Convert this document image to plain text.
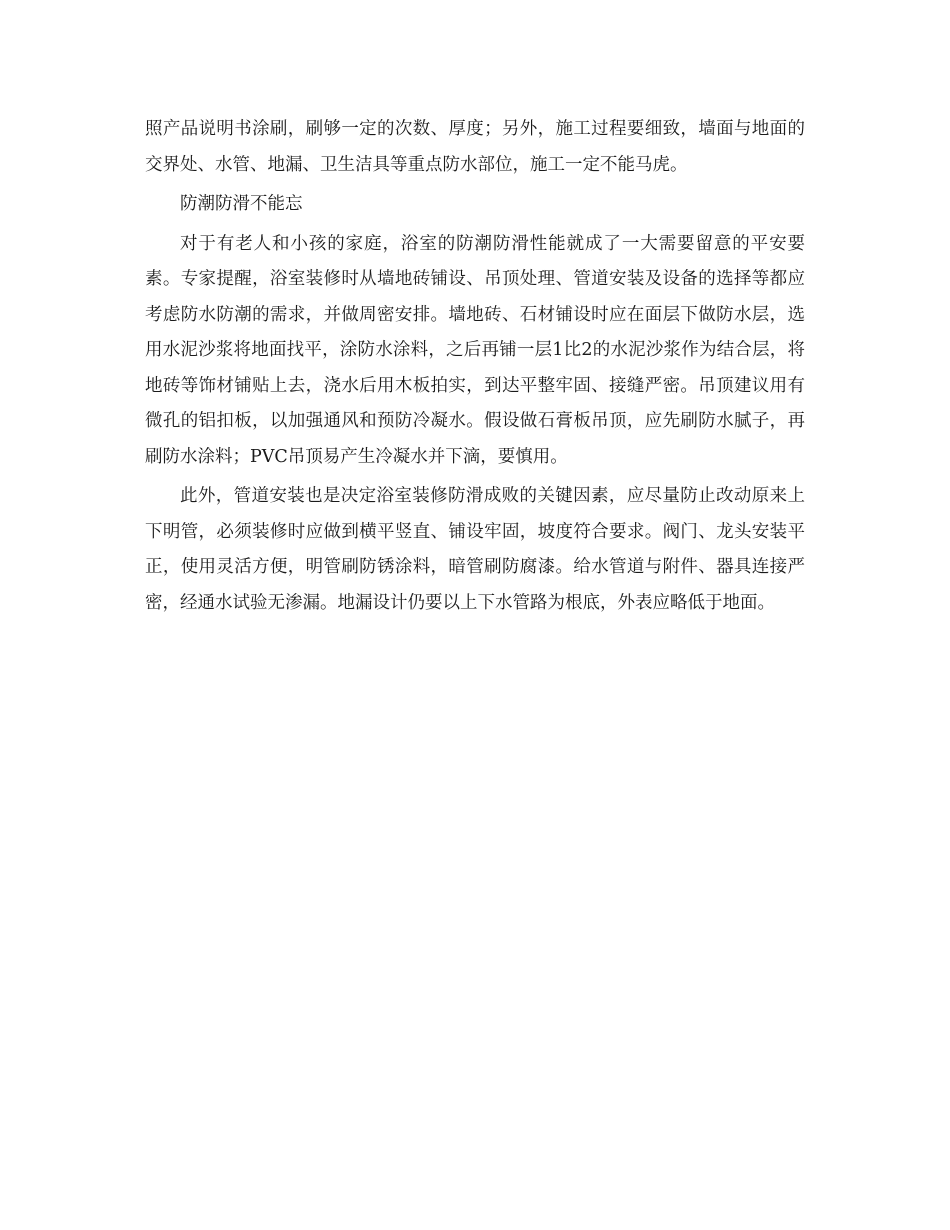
照产品说明书涂刷，刷够一定的次数、厚度；另外，施工过程要细致，墙面与地面的交界处、水管、地漏、卫生洁具等重点防水部位，施工一定不能马虎。

防潮防滑不能忘

对于有老人和小孩的家庭，浴室的防潮防滑性能就成了一大需要留意的平安要素。专家提醒，浴室装修时从墙地砖铺设、吊顶处理、管道安装及设备的选择等都应考虑防水防潮的需求，并做周密安排。墙地砖、石材铺设时应在面层下做防水层，选用水泥沙浆将地面找平，涂防水涂料，之后再铺一层1比2的水泥沙浆作为结合层，将地砖等饰材铺贴上去，浇水后用木板拍实，到达平整牢固、接缝严密。吊顶建议用有微孔的铝扣板，以加强通风和预防冷凝水。假设做石膏板吊顶，应先刷防水腻子，再刷防水涂料；PVC吊顶易产生冷凝水并下滴，要慎用。

此外，管道安装也是决定浴室装修防滑成败的关键因素，应尽量防止改动原来上下明管，必须装修时应做到横平竖直、铺设牢固，坡度符合要求。阀门、龙头安装平正，使用灵活方便，明管刷防锈涂料，暗管刷防腐漆。给水管道与附件、器具连接严密，经通水试验无渗漏。地漏设计仍要以上下水管路为根底，外表应略低于地面。
